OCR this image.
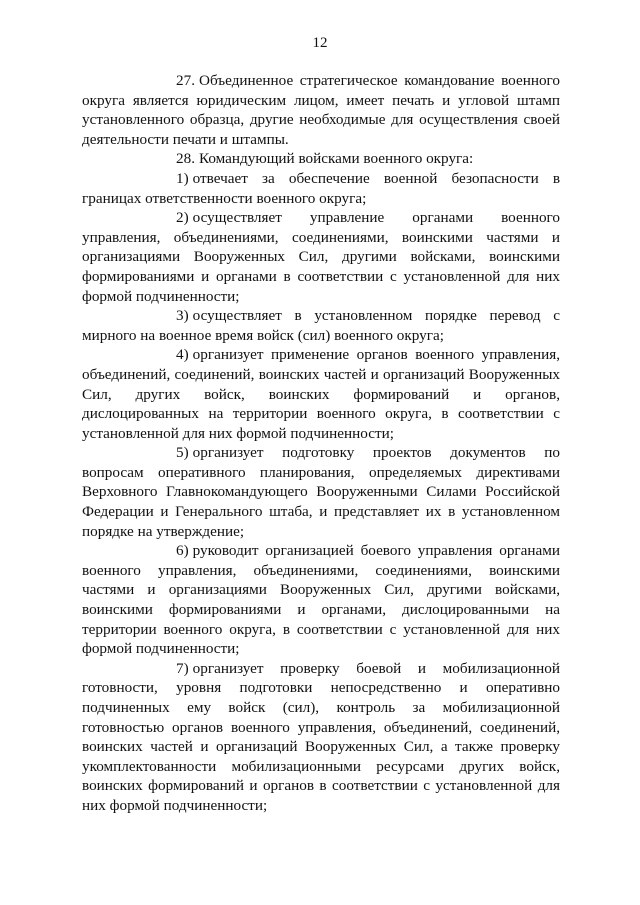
12

27. Объединенное стратегическое командование военного округа является юридическим лицом, имеет печать и угловой штамп установленного образца, другие необходимые для осуществления своей деятельности печати и штампы.

28. Командующий войсками военного округа:

1) отвечает за обеспечение военной безопасности в границах ответственности военного округа;

2) осуществляет управление органами военного управления, объединениями, соединениями, воинскими частями и организациями Вооруженных Сил, другими войсками, воинскими формированиями и органами в соответствии с установленной для них формой подчиненности;

3) осуществляет в установленном порядке перевод с мирного на военное время войск (сил) военного округа;

4) организует применение органов военного управления, объединений, соединений, воинских частей и организаций Вооруженных Сил, других войск, воинских формирований и органов, дислоцированных на территории военного округа, в соответствии с установленной для них формой подчиненности;

5) организует подготовку проектов документов по вопросам оперативного планирования, определяемых директивами Верховного Главнокомандующего Вооруженными Силами Российской Федерации и Генерального штаба, и представляет их в установленном порядке на утверждение;

6) руководит организацией боевого управления органами военного управления, объединениями, соединениями, воинскими частями и организациями Вооруженных Сил, другими войсками, воинскими формированиями и органами, дислоцированными на территории военного округа, в соответствии с установленной для них формой подчиненности;

7) организует проверку боевой и мобилизационной готовности, уровня подготовки непосредственно и оперативно подчиненных ему войск (сил), контроль за мобилизационной готовностью органов военного управления, объединений, соединений, воинских частей и организаций Вооруженных Сил, а также проверку укомплектованности мобилизационными ресурсами других войск, воинских формирований и органов в соответствии с установленной для них формой подчиненности;
